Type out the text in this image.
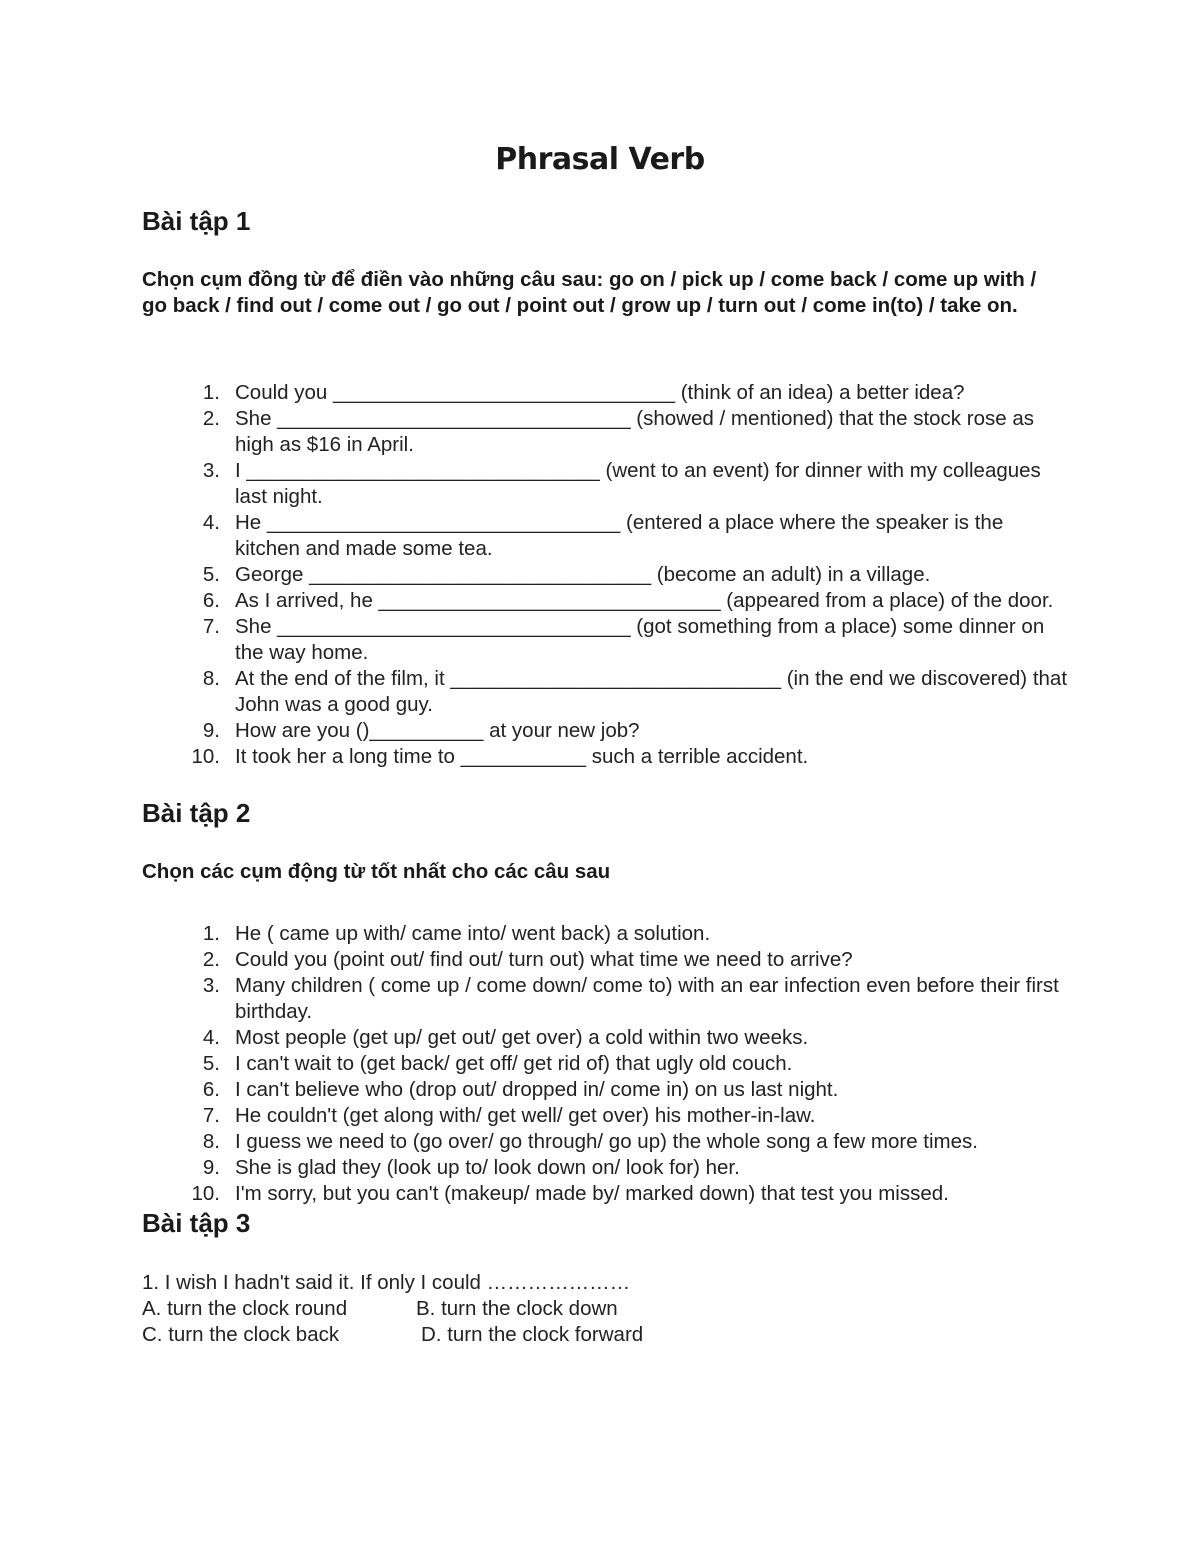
Phrasal Verb
Bài tập 1

Chọn cụm đồng từ để điền vào những câu sau: go on / pick up / come back / come up with / go back / find out / come out / go out / point out / grow up / turn out / come in(to) / take on.

1. Could you ______________________________ (think of an idea) a better idea?
2. She _______________________________ (showed / mentioned) that the stock rose as high as $16 in April.
3. I _______________________________ (went to an event) for dinner with my colleagues last night.
4. He _______________________________ (entered a place where the speaker is the kitchen and made some tea.
5. George ______________________________ (become an adult) in a village.
6. As I arrived, he ______________________________ (appeared from a place) of the door.
7. She _______________________________ (got something from a place) some dinner on the way home.
8. At the end of the film, it _____________________________ (in the end we discovered) that John was a good guy.
9. How are you ()__________ at your new job?
10. It took her a long time to ___________ such a terrible accident.
Bài tập 2

Chọn các cụm động từ tốt nhất cho các câu sau

1. He ( came up with/ came into/ went back) a solution.
2. Could you (point out/ find out/ turn out) what time we need to arrive?
3. Many children ( come up / come down/ come to) with an ear infection even before their first birthday.
4. Most people (get up/ get out/ get over) a cold within two weeks.
5. I can't wait to (get back/ get off/ get rid of) that ugly old couch.
6. I can't believe who (drop out/ dropped in/ come in) on us last night.
7. He couldn't (get along with/ get well/ get over) his mother-in-law.
8. I guess we need to (go over/ go through/ go up) the whole song a few more times.
9. She is glad they (look up to/ look down on/ look for) her.
10. I'm sorry, but you can't (makeup/ made by/ marked down) that test you missed.
Bài tập 3

1. I wish I hadn't said it. If only I could …………………

A. turn the clock round	B. turn the clock down
C. turn the clock back	D. turn the clock forward
